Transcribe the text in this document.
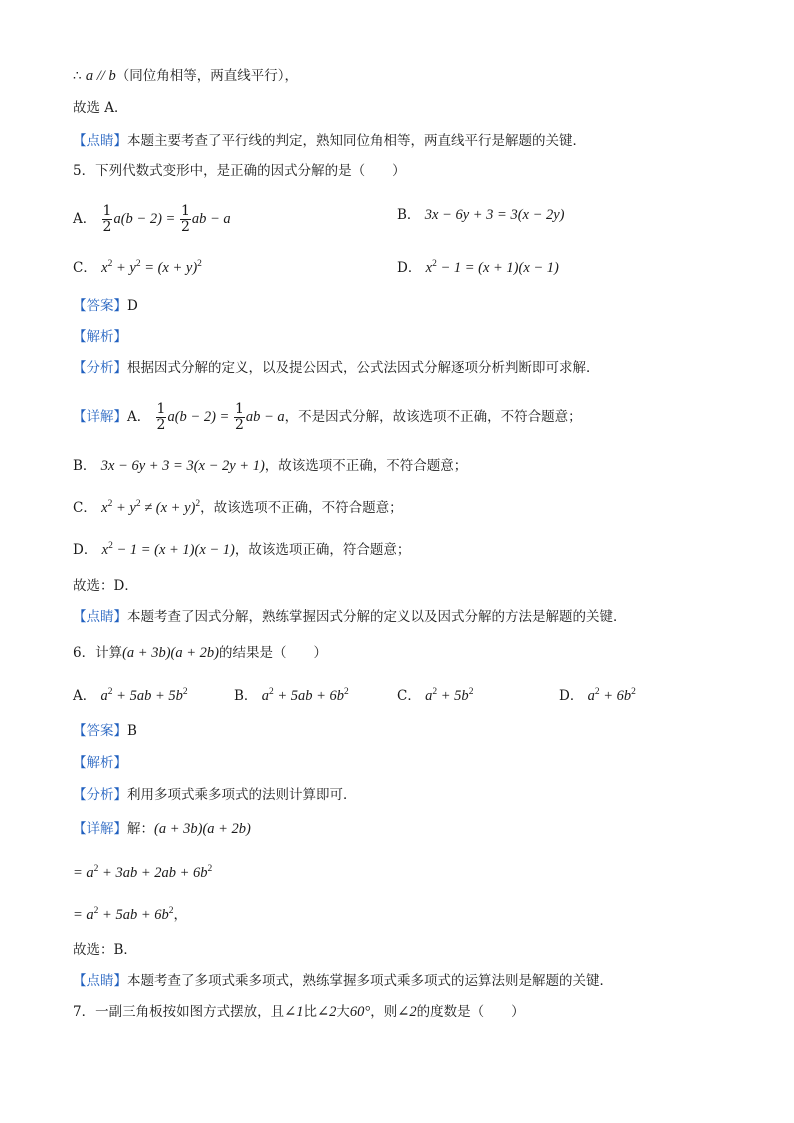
∴ a // b（同位角相等，两直线平行），
故选 A．
【点睛】本题主要考查了平行线的判定，熟知同位角相等，两直线平行是解题的关键．
5．下列代数式变形中，是正确的因式分解的是（　　）
A． $\frac{1}{2} a(b - 2) = \frac{1}{2}$ ab − a	B． 3x − 6y + 3 = 3(x − 2y)
C． $x^2 + y^2 = (x + y)^2$	D． $x^2 - 1 = (x + 1)(x - 1)$
【答案】D
【解析】
【分析】根据因式分解的定义，以及提公因式，公式法因式分解逐项分析判断即可求解．
【详解】A． $\frac{1}{2} a(b - 2) = \frac{1}{2}$ ab − a，不是因式分解，故该选项不正确，不符合题意；
B． 3x − 6y + 3 = 3(x − 2y + 1)，故该选项不正确，不符合题意；
C． $x^2 + y^2 \ne (x + y)^2$，故该选项不正确，不符合题意；
D． $x^2 - 1 = (x + 1)(x - 1)$，故该选项正确，符合题意；
故选：D．
【点睛】本题考查了因式分解，熟练掌握因式分解的定义以及因式分解的方法是解题的关键．
6．计算(a + 3b)(a + 2b)的结果是（　　）
A． $a^2 + 5ab + 5b^2$	B． $a^2 + 5ab + 6b^2$	C． $a^2 + 5b^2$	D． $a^2 + 6b^2$
【答案】B
【解析】
【分析】利用多项式乘多项式的法则计算即可．
【详解】解：(a + 3b)(a + 2b)
= $a^2 + 3ab + 2ab + 6b^2$
= $a^2 + 5ab + 6b^2$，
故选：B．
【点睛】本题考查了多项式乘多项式，熟练掌握多项式乘多项式的运算法则是解题的关键．
7．一副三角板按如图方式摆放，且∠1比∠2大60°，则∠2的度数是（　　）
